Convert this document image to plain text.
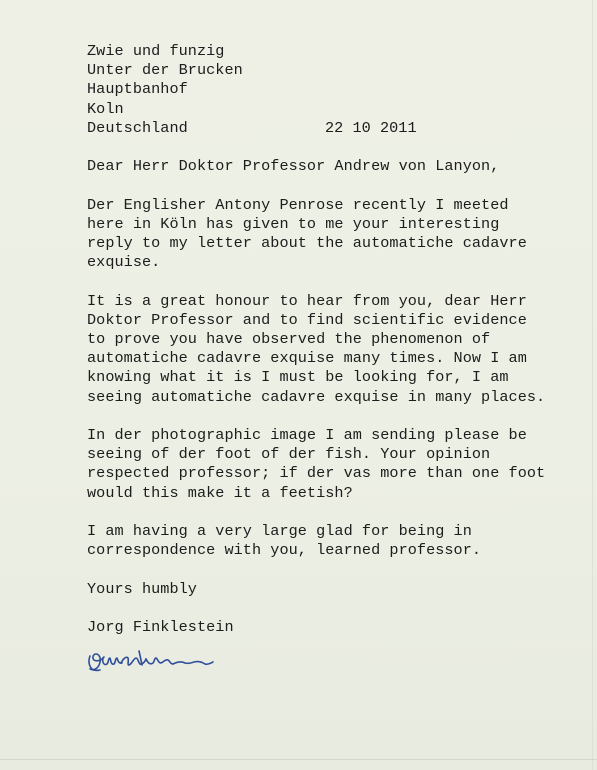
Zwie und funzig
Unter der Brucken
Hauptbanhof
Koln
Deutschland	22 10 2011
Dear Herr Doktor Professor Andrew von Lanyon,
Der Englisher Antony Penrose recently I meeted
here in Köln has given to me your interesting
reply to my letter about the automatiche cadavre
exquise.
It is a great honour to hear from you, dear Herr
Doktor Professor and to find scientific evidence
to prove you have observed the phenomenon of
automatiche cadavre exquise many times. Now I am
knowing what it is I must be looking for, I am
seeing automatiche cadavre exquise in many places.
In der photographic image I am sending please be
seeing of der foot of der fish. Your opinion
respected professor; if der vas more than one foot
would this make it a feetish?
I am having a very large glad for being in
correspondence with you, learned professor.
Yours humbly
Jorg Finklestein
